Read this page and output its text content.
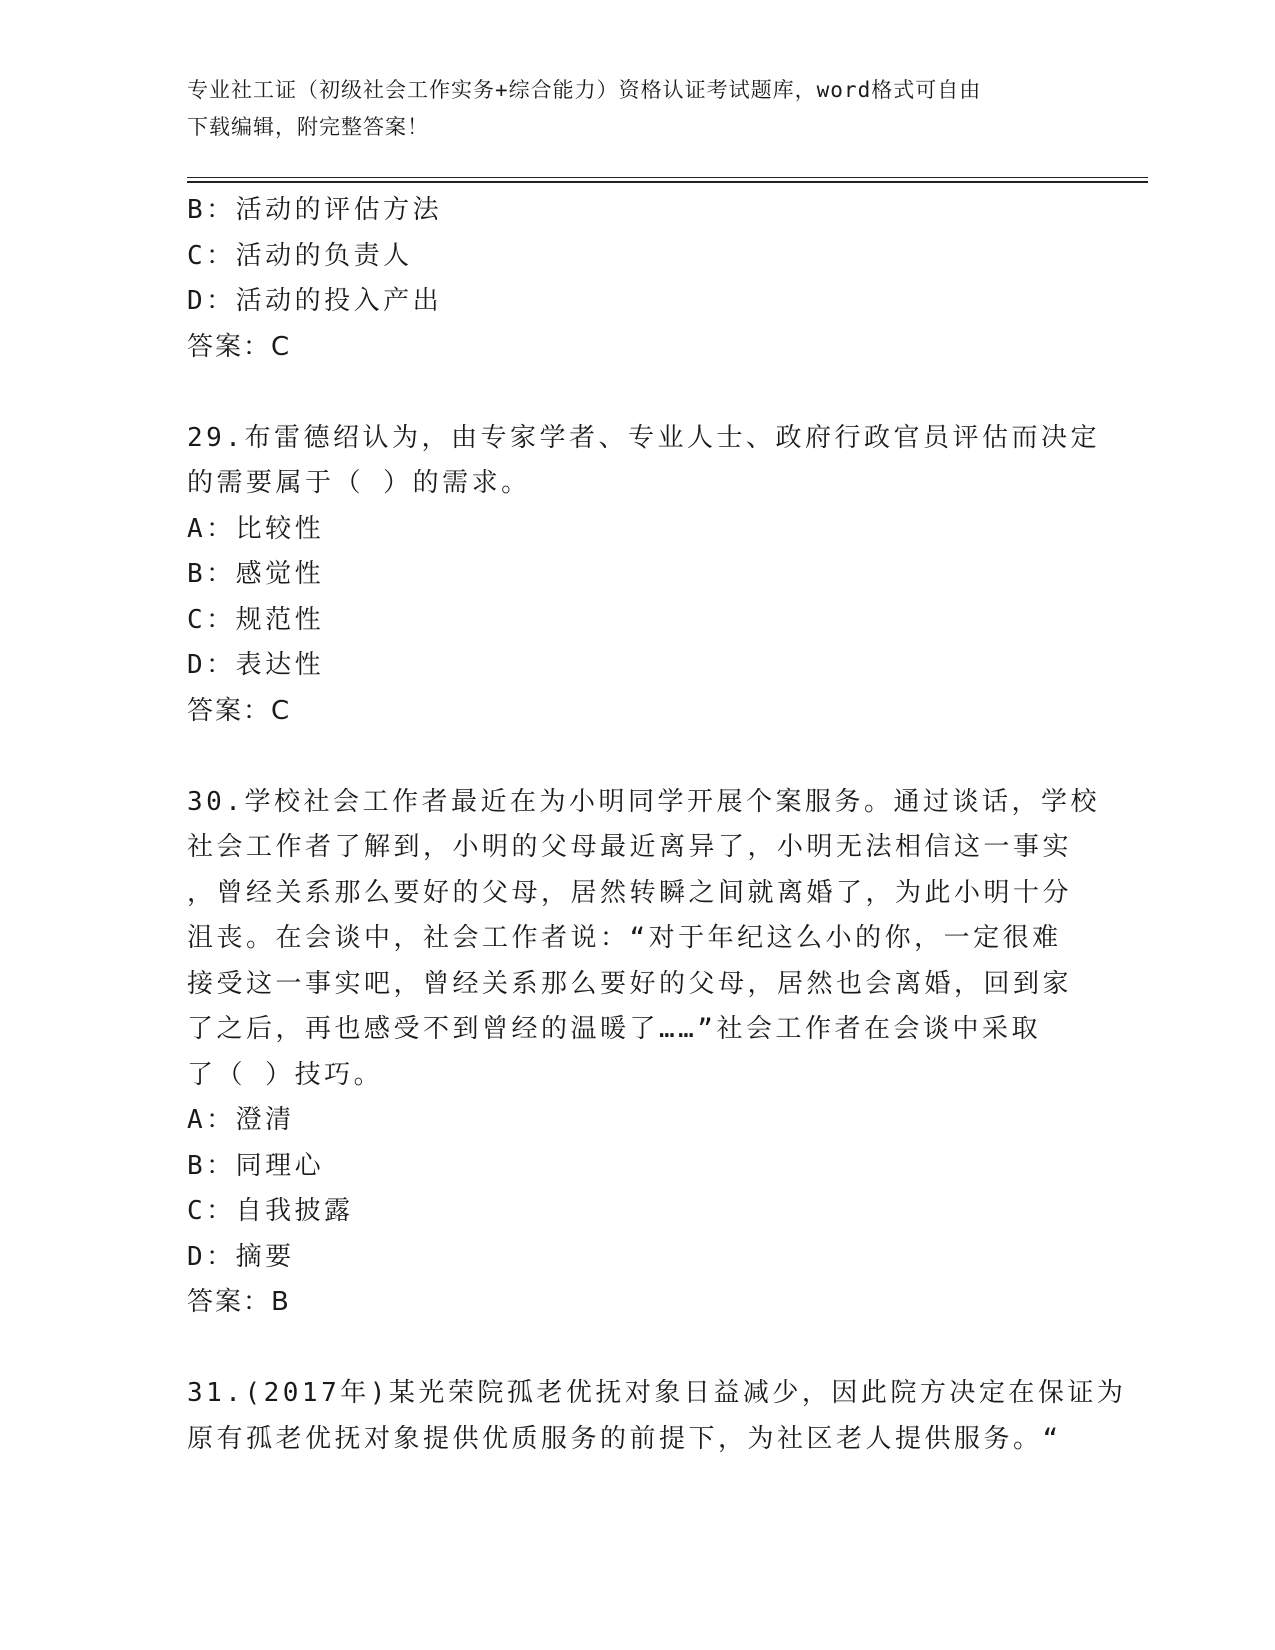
专业社工证（初级社会工作实务+综合能力）资格认证考试题库，word格式可自由
下载编辑，附完整答案！
B：活动的评估方法
C：活动的负责人
D：活动的投入产出
答案：C
29.布雷德绍认为，由专家学者、专业人士、政府行政官员评估而决定
的需要属于（ ）的需求。
A：比较性
B：感觉性
C：规范性
D：表达性
答案：C
30.学校社会工作者最近在为小明同学开展个案服务。通过谈话，学校
社会工作者了解到，小明的父母最近离异了，小明无法相信这一事实
，曾经关系那么要好的父母，居然转瞬之间就离婚了，为此小明十分
沮丧。在会谈中，社会工作者说：“对于年纪这么小的你，一定很难
接受这一事实吧，曾经关系那么要好的父母，居然也会离婚，回到家
了之后，再也感受不到曾经的温暖了……”社会工作者在会谈中采取
了（ ）技巧。
A：澄清
B：同理心
C：自我披露
D：摘要
答案：B
31.(2017年)某光荣院孤老优抚对象日益减少，因此院方决定在保证为
原有孤老优抚对象提供优质服务的前提下，为社区老人提供服务。“
